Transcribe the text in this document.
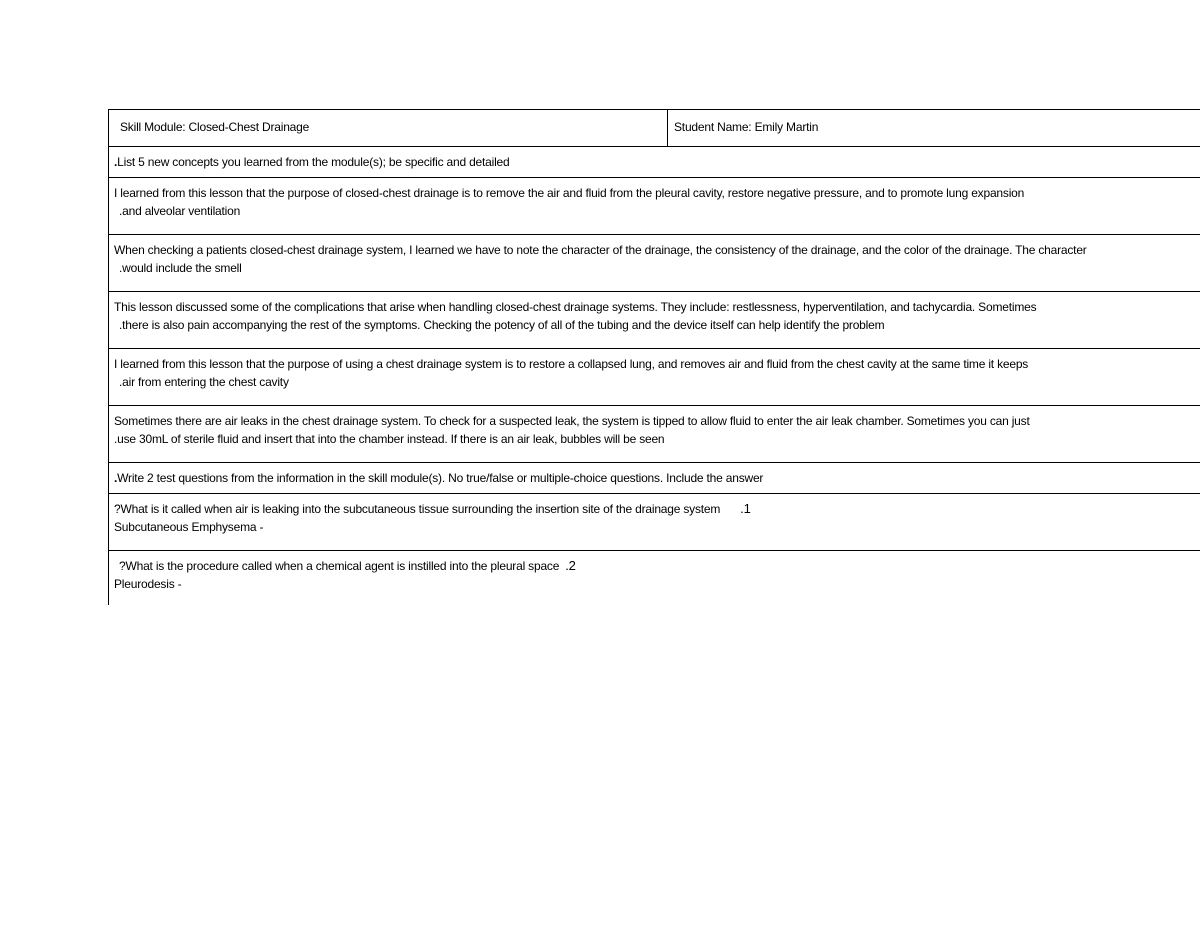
Skill Module: Closed-Chest Drainage	Student Name: Emily Martin
.List 5 new concepts you learned from the module(s); be specific and detailed
I learned from this lesson that the purpose of closed-chest drainage is to remove the air and fluid from the pleural cavity, restore negative pressure, and to promote lung expansion
.and alveolar ventilation
When checking a patients closed-chest drainage system, I learned we have to note the character of the drainage, the consistency of the drainage, and the color of the drainage. The character
.would include the smell
This lesson discussed some of the complications that arise when handling closed-chest drainage systems. They include: restlessness, hyperventilation, and tachycardia. Sometimes
.there is also pain accompanying the rest of the symptoms. Checking the potency of all of the tubing and the device itself can help identify the problem
I learned from this lesson that the purpose of using a chest drainage system is to restore a collapsed lung, and removes air and fluid from the chest cavity at the same time it keeps
.air from entering the chest cavity
Sometimes there are air leaks in the chest drainage system. To check for a suspected leak, the system is tipped to allow fluid to enter the air leak chamber. Sometimes you can just
.use 30mL of sterile fluid and insert that into the chamber instead. If there is an air leak, bubbles will be seen
.Write 2 test questions from the information in the skill module(s). No true/false or multiple-choice questions. Include the answer
?What is it called when air is leaking into the subcutaneous tissue surrounding the insertion site of the drainage system .1
Subcutaneous Emphysema -
?What is the procedure called when a chemical agent is instilled into the pleural space .2
Pleurodesis -
